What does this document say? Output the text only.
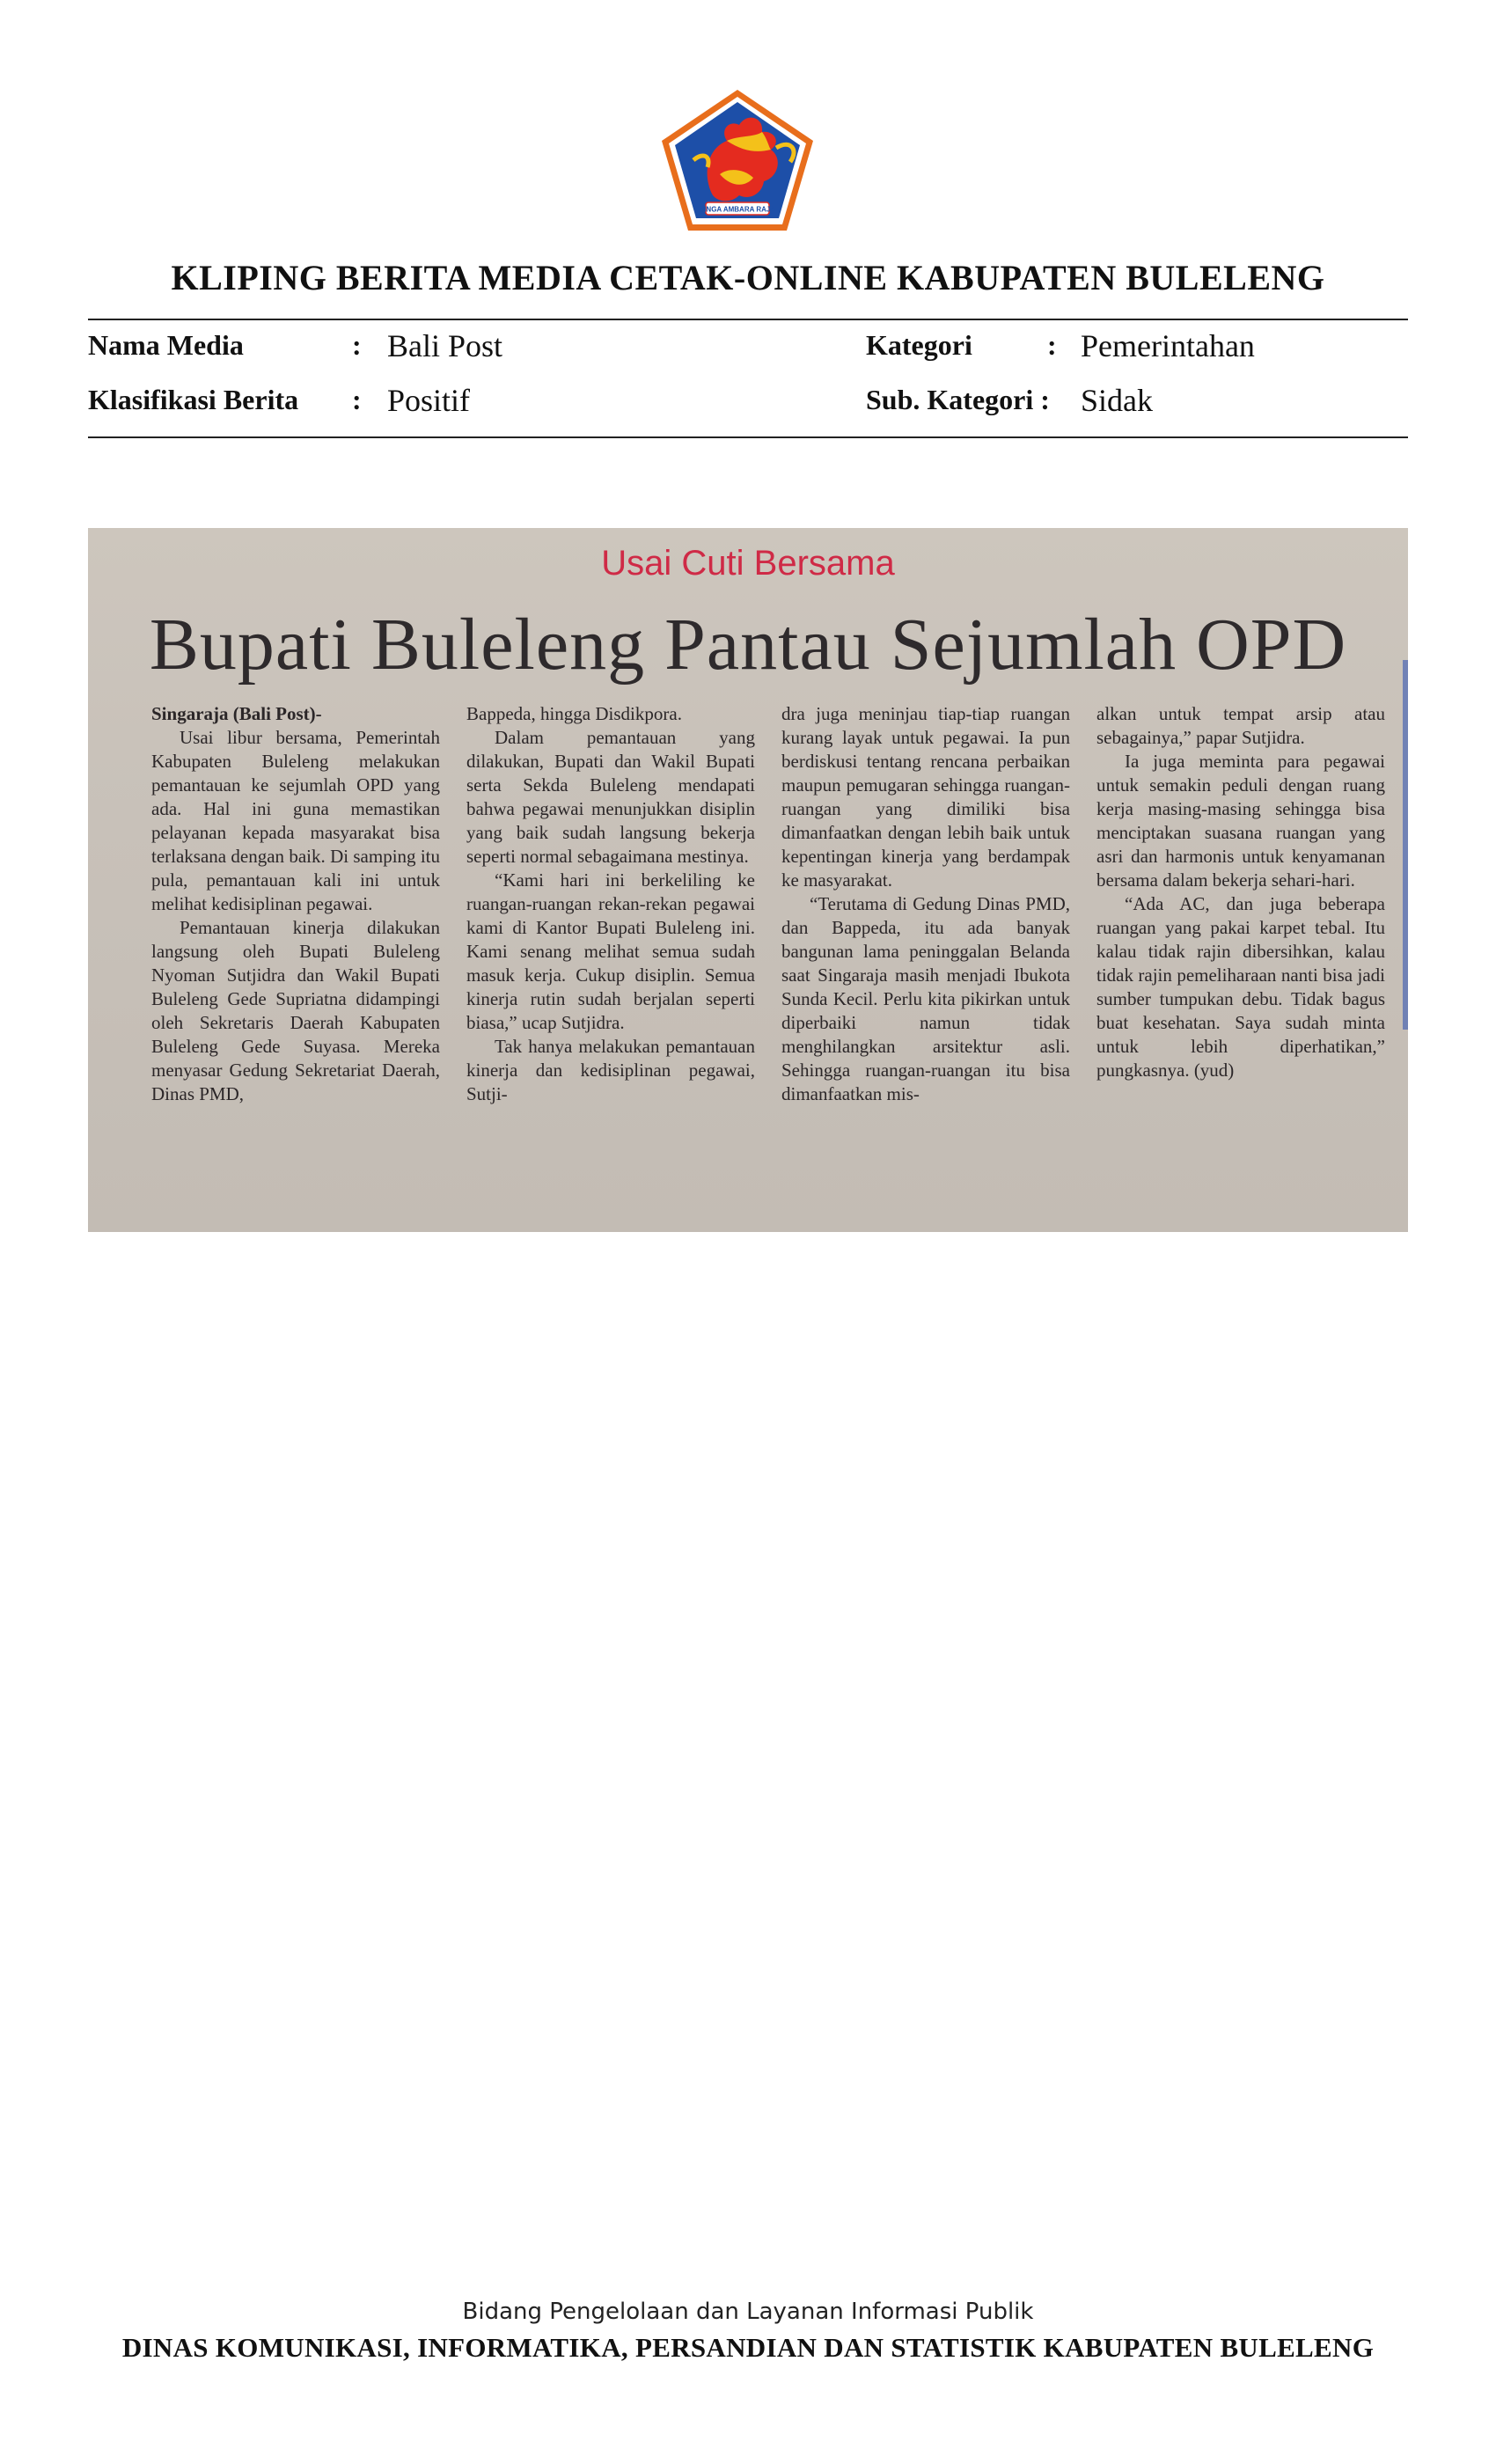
SINGA AMBARA RAJA
KLIPING BERITA MEDIA CETAK-ONLINE KABUPATEN BULELENG
Nama Media	: Bali Post
Klasifikasi Berita : Positif
Kategori	: Pemerintahan
Sub. Kategori : Sidak
Usai Cuti Bersama
Bupati Buleleng Pantau Sejumlah OPD
Singaraja (Bali Post)-

Usai libur bersama, Pemerintah Kabupaten Buleleng melakukan pemantauan ke sejumlah OPD yang ada. Hal ini guna memastikan pelayanan kepada masyarakat bisa terlaksana dengan baik. Di samping itu pula, pemantauan kali ini untuk melihat kedisiplinan pegawai.

Pemantauan kinerja dilakukan langsung oleh Bupati Buleleng Nyoman Sutjidra dan Wakil Bupati Buleleng Gede Supriatna didampingi oleh Sekretaris Daerah Kabupaten Buleleng Gede Suyasa. Mereka menyasar Gedung Sekretariat Daerah, Dinas PMD,

Bappeda, hingga Disdikpora.

Dalam pemantauan yang dilakukan, Bupati dan Wakil Bupati serta Sekda Buleleng mendapati bahwa pegawai menunjukkan disiplin yang baik sudah langsung bekerja seperti normal sebagaimana mestinya.

“Kami hari ini berkeliling ke ruangan-ruangan rekan-rekan pegawai kami di Kantor Bupati Buleleng ini. Kami senang melihat semua sudah masuk kerja. Cukup disiplin. Semua kinerja rutin sudah berjalan seperti biasa,” ucap Sutjidra.

Tak hanya melakukan pemantauan kinerja dan kedisiplinan pegawai, Sutji-

dra juga meninjau tiap-tiap ruangan kurang layak untuk pegawai. Ia pun berdiskusi tentang rencana perbaikan maupun pemugaran sehingga ruangan-ruangan yang dimiliki bisa dimanfaatkan dengan lebih baik untuk kepentingan kinerja yang berdampak ke masyarakat.

“Terutama di Gedung Dinas PMD, dan Bappeda, itu ada banyak bangunan lama peninggalan Belanda saat Singaraja masih menjadi Ibukota Sunda Kecil. Perlu kita pikirkan untuk diperbaiki namun tidak menghilangkan arsitektur asli. Sehingga ruangan-ruangan itu bisa dimanfaatkan mis-

alkan untuk tempat arsip atau sebagainya,” papar Sutjidra.

Ia juga meminta para pegawai untuk semakin peduli dengan ruang kerja masing-masing sehingga bisa menciptakan suasana ruangan yang asri dan harmonis untuk kenyamanan bersama dalam bekerja sehari-hari.

“Ada AC, dan juga beberapa ruangan yang pakai karpet tebal. Itu kalau tidak rajin dibersihkan, kalau tidak rajin pemeliharaan nanti bisa jadi sumber tumpukan debu. Tidak bagus buat kesehatan. Saya sudah minta untuk lebih diperhatikan,” pungkasnya. (yud)

Bidang Pengelolaan dan Layanan Informasi Publik
DINAS KOMUNIKASI, INFORMATIKA, PERSANDIAN DAN STATISTIK KABUPATEN BULELENG
